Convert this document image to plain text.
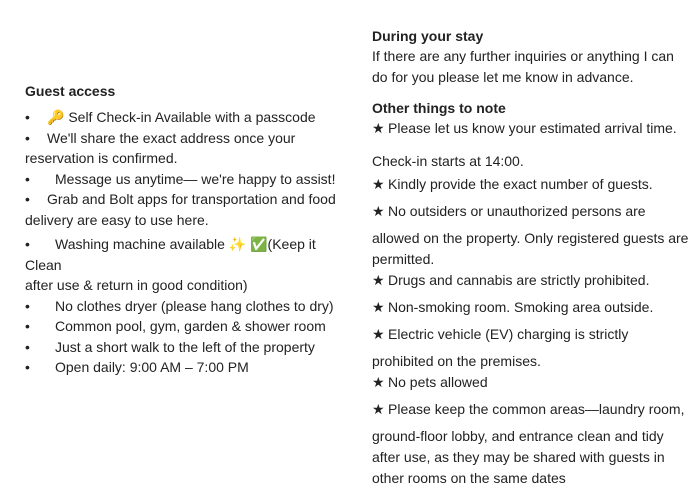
Guest access
• 🔑 Self Check-in Available with a passcode
• We'll share the exact address once your
reservation is confirmed.
• Message us anytime— we're happy to assist!
• Grab and Bolt apps for transportation and food
delivery are easy to use here.
• Washing machine available ✨ ✅(Keep it Clean
after use & return in good condition)
• No clothes dryer (please hang clothes to dry)
• Common pool, gym, garden & shower room
• Just a short walk to the left of the property
• Open daily: 9:00 AM – 7:00 PM
During your stay
If there are any further inquiries or anything I can
do for you please let me know in advance.
Other things to note
★ Please let us know your estimated arrival time.
Check-in starts at 14:00.
★ Kindly provide the exact number of guests.
★ No outsiders or unauthorized persons are
allowed on the property. Only registered guests are
permitted.
★ Drugs and cannabis are strictly prohibited.
★ Non-smoking room. Smoking area outside.
★ Electric vehicle (EV) charging is strictly
prohibited on the premises.
★ No pets allowed
★ Please keep the common areas—laundry room,
ground-floor lobby, and entrance clean and tidy
after use, as they may be shared with guests in
other rooms on the same dates
